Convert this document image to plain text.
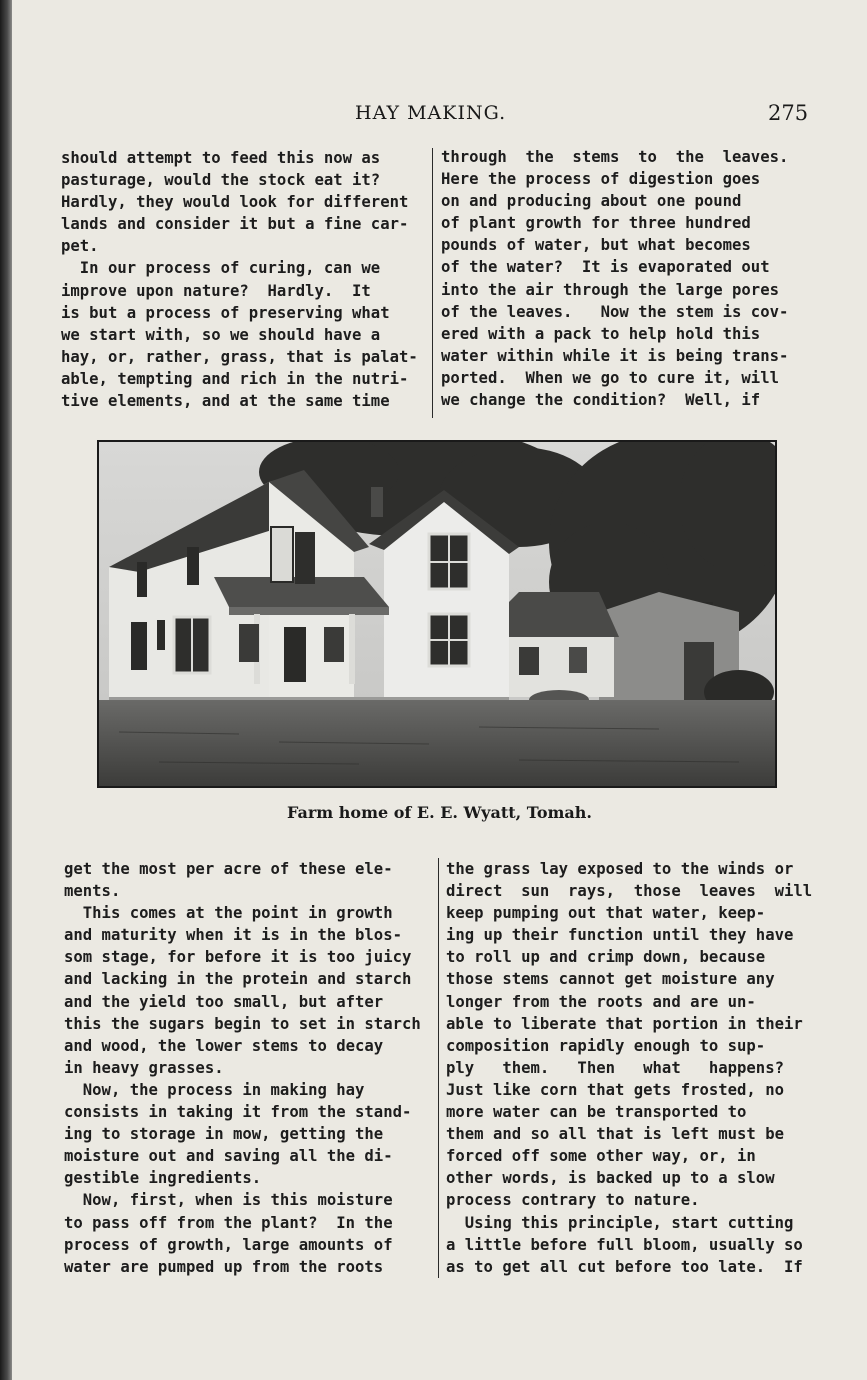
HAY MAKING.	275
should attempt to feed this now as
pasturage, would the stock eat it?
Hardly, they would look for different
lands and consider it but a fine car-
pet.
In our process of curing, can we
improve upon nature?  Hardly.  It
is but a process of preserving what
we start with, so we should have a
hay, or, rather, grass, that is palat-
able, tempting and rich in the nutri-
tive elements, and at the same time
through  the  stems  to  the  leaves.
Here the process of digestion goes
on and producing about one pound
of plant growth for three hundred
pounds of water, but what becomes
of the water?  It is evaporated out
into the air through the large pores
of the leaves.   Now the stem is cov-
ered with a pack to help hold this
water within while it is being trans-
ported.  When we go to cure it, will
we change the condition?  Well, if
Farm home of E. E. Wyatt, Tomah.
get the most per acre of these ele-
ments.
This comes at the point in growth
and maturity when it is in the blos-
som stage, for before it is too juicy
and lacking in the protein and starch
and the yield too small, but after
this the sugars begin to set in starch
and wood, the lower stems to decay
in heavy grasses.
Now, the process in making hay
consists in taking it from the stand-
ing to storage in mow, getting the
moisture out and saving all the di-
gestible ingredients.
Now, first, when is this moisture
to pass off from the plant?  In the
process of growth, large amounts of
water are pumped up from the roots
the grass lay exposed to the winds or
direct  sun  rays,  those  leaves  will
keep pumping out that water, keep-
ing up their function until they have
to roll up and crimp down, because
those stems cannot get moisture any
longer from the roots and are un-
able to liberate that portion in their
composition rapidly enough to sup-
ply   them.   Then   what   happens?
Just like corn that gets frosted, no
more water can be transported to
them and so all that is left must be
forced off some other way, or, in
other words, is backed up to a slow
process contrary to nature.
Using this principle, start cutting
a little before full bloom, usually so
as to get all cut before too late.  If
